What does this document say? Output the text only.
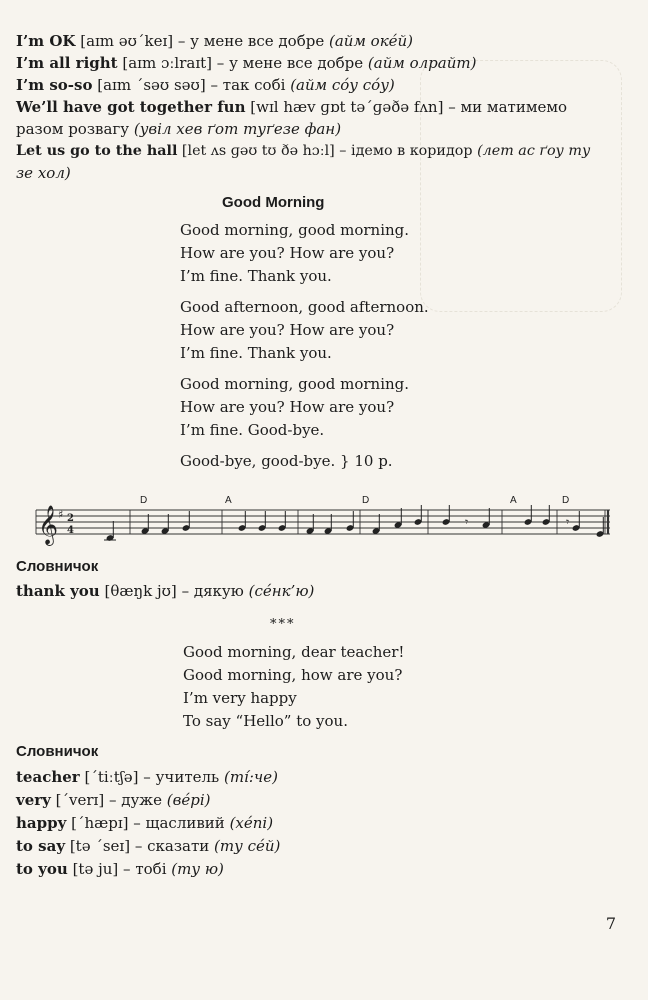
I’m OK [aɪm əʊˊkeɪ] – у мене все добре (айм окéй)
I’m all right [aɪm ɔːlraɪt] – у мене все добре (айм олрайт)
I’m so-so [aɪm ˊsəʊ səʊ] – так собі (айм сóу сóу)
We’ll have got together fun [wɪl hæv ɡɒt təˊɡəðə fʌn] – ми матимемо
разом розвагу (увіл хев ґот туґезе фан)
Let us go to the hall [let ʌs ɡəʊ tʊ ðə hɔːl] – ідемо в коридор (лет ас ґоу ту
зе хол)
Good Morning
Good morning, good morning.
How are you? How are you?
I’m fine. Thank you.
Good afternoon, good afternoon.
How are you? How are you?
I’m fine. Thank you.
Good morning, good morning.
How are you? How are you?
I’m fine. Good-bye.
Good-bye, good-bye. } 10 р.
𝄞 ♯ 2
4
D	A	D	A	D
𝄾	𝄾
Словничок
thank you [θæŋk jʊ] – дякую (сéнк’ю)
***
Good morning, dear teacher!
Good morning, how are you?
I’m very happy
To say “Hello” to you.
Словничок
teacher [ˊtiːtʃə] – учитель (ті́:че)
very [ˊverɪ] – дуже (вéрі)
happy [ˊhæpɪ] – щасливий (хéпі)
to say [tə ˊseɪ] – сказати (ту сéй)
to you [tə ju] – тобі (ту ю)
7
